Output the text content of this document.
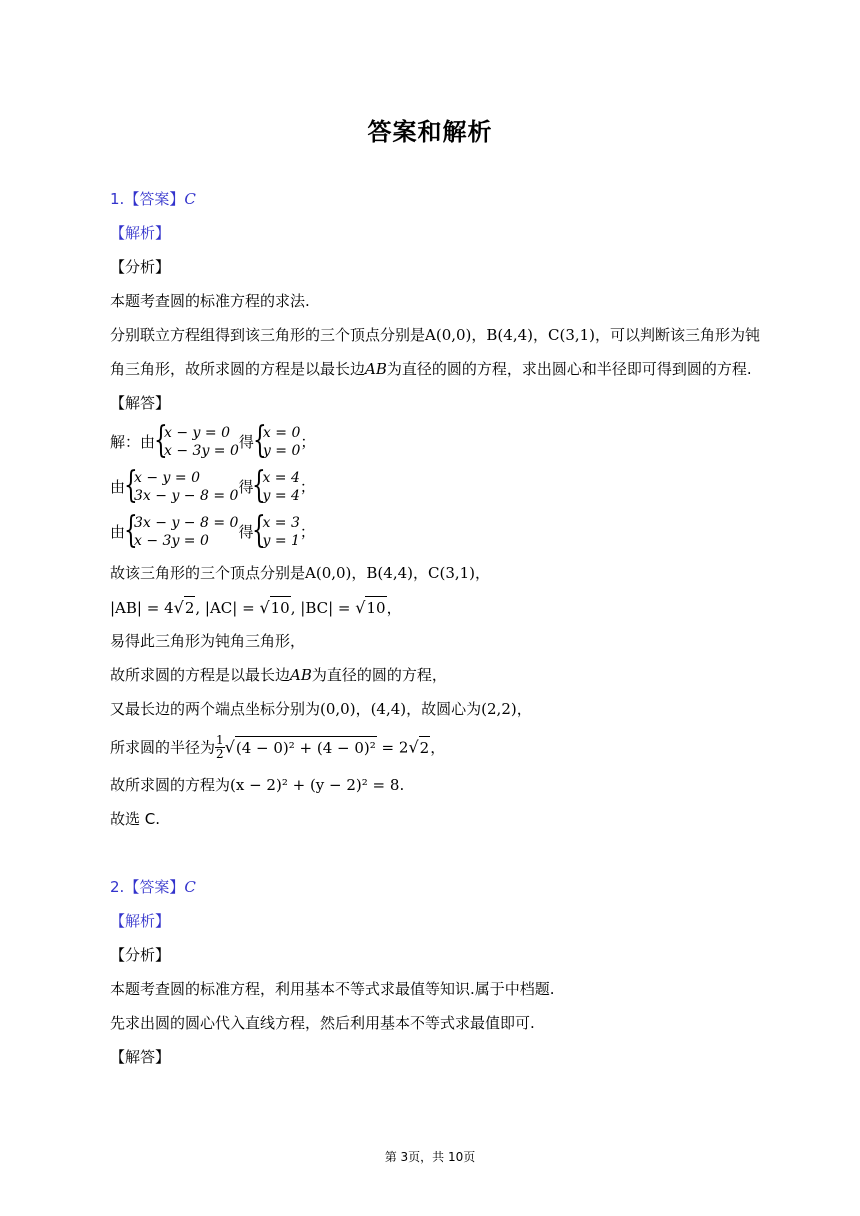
答案和解析
1.【答案】C
【解析】
【分析】
本题考查圆的标准方程的求法.
分别联立方程组得到该三角形的三个顶点分别是A(0,0)，B(4,4)，C(3,1)，可以判断该三角形为钝
角三角形，故所求圆的方程是以最长边AB为直径的圆的方程，求出圆心和半径即可得到圆的方程.
【解答】
解：由 {
x − y = 0
x − 3y = 0 得 {
x = 0
y = 0 ；
由 {
x − y = 0
3x − y − 8 = 0 得 {
x = 4
y = 4 ；
由 {
3x − y − 8 = 0
x − 3y = 0	得 {
x = 3
y = 1 ；
故该三角形的三个顶点分别是A(0,0)，B(4,4)，C(3,1)，
|AB| = 4√2, |AC| = √10, |BC| = √10，
易得此三角形为钝角三角形，
故所求圆的方程是以最长边AB为直径的圆的方程，
又最长边的两个端点坐标分别为(0,0)，(4,4)，故圆心为(2,2)，
所求圆的半径为 $\frac{1}{2} √(4 - 0)^2 + (4 - 0)^2 = 2√2$，
故所求圆的方程为(x − 2)² + (y − 2)² = 8.
故选 C.
2.【答案】C
【解析】
【分析】
本题考查圆的标准方程，利用基本不等式求最值等知识.属于中档题.
先求出圆的圆心代入直线方程，然后利用基本不等式求最值即可.
【解答】
第 3页，共 10页
